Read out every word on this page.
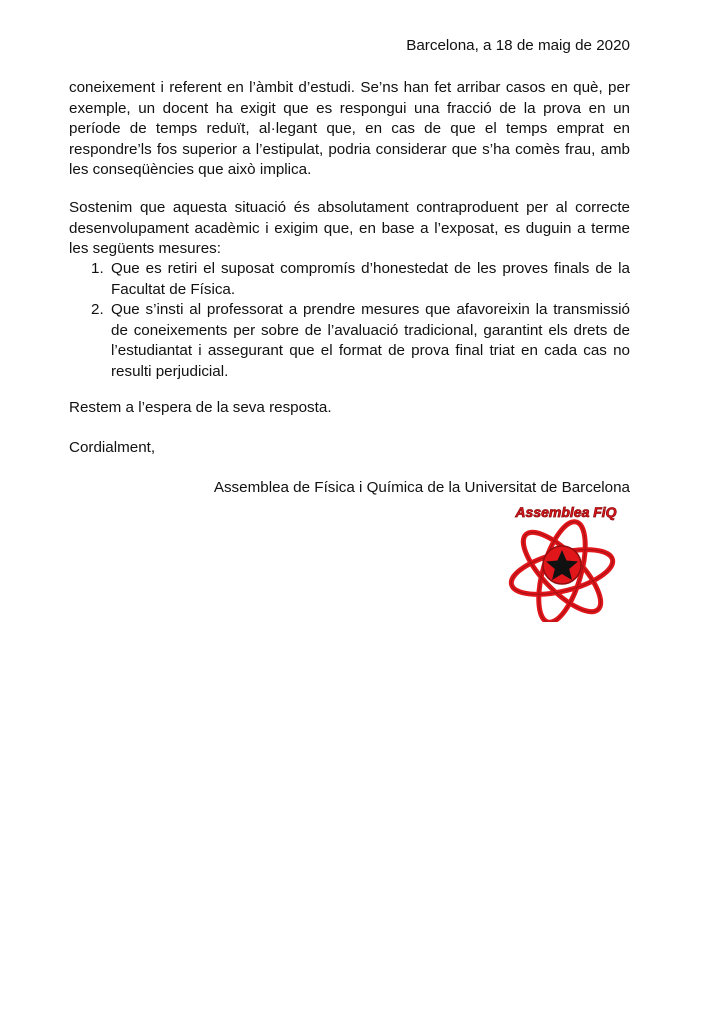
Barcelona, a 18 de maig de 2020
coneixement i referent en l’àmbit d’estudi. Se’ns han fet arribar casos en què, per exemple, un docent ha exigit que es respongui una fracció de la prova en un període de temps reduït, al·legant que, en cas de que el temps emprat en respondre’ls fos superior a l’estipulat, podria considerar que s’ha comès frau, amb les conseqüències que això implica.
Sostenim que aquesta situació és absolutament contraproduent per al correcte desenvolupament acadèmic i exigim que, en base a l’exposat, es duguin a terme les següents mesures:
1. Que es retiri el suposat compromís d’honestedat de les proves finals de la Facultat de Física.
2. Que s’insti al professorat a prendre mesures que afavoreixin la transmissió de coneixements per sobre de l’avaluació tradicional, garantint els drets de l’estudiantat i assegurant que el format de prova final triat en cada cas no resulti perjudicial.
Restem a l’espera de la seva resposta.
Cordialment,
Assemblea de Física i Química de la Universitat de Barcelona
Assemblea FiQ
